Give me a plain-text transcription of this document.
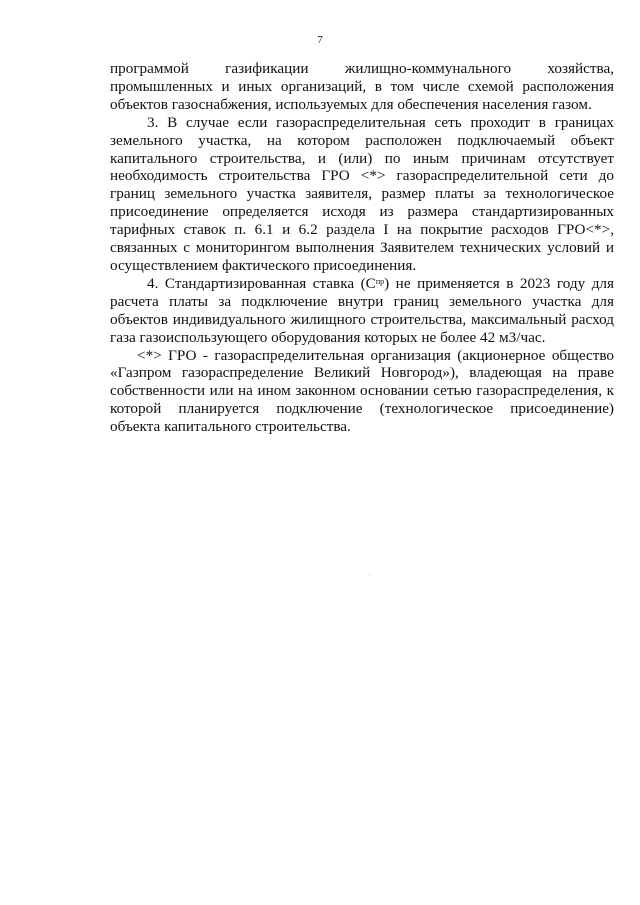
7

программой газификации жилищно-коммунального хозяйства, промышленных и иных организаций, в том числе схемой расположения объектов газоснабжения, используемых для обеспечения населения газом.

3. В случае если газораспределительная сеть проходит в границах земельного участка, на котором расположен подключаемый объект капитального строительства, и (или) по иным причинам отсутствует необходимость строительства ГРО <*> газораспределительной сети до границ земельного участка заявителя, размер платы за технологическое присоединение определяется исходя из размера стандартизированных тарифных ставок п. 6.1 и 6.2 раздела I на покрытие расходов ГРО<*>, связанных с мониторингом выполнения Заявителем технических условий и осуществлением фактического присоединения.

4. Стандартизированная ставка $(С^{пр})$ не применяется в 2023 году для расчета платы за подключение внутри границ земельного участка для объектов индивидуального жилищного строительства, максимальный расход газа газоиспользующего оборудования которых не более 42 м3/час.

<*> ГРО - газораспределительная организация (акционерное общество «Газпром газораспределение Великий Новгород»), владеющая на праве собственности или на ином законном основании сетью газораспределения, к которой планируется подключение (технологическое присоединение) объекта капитального строительства.
